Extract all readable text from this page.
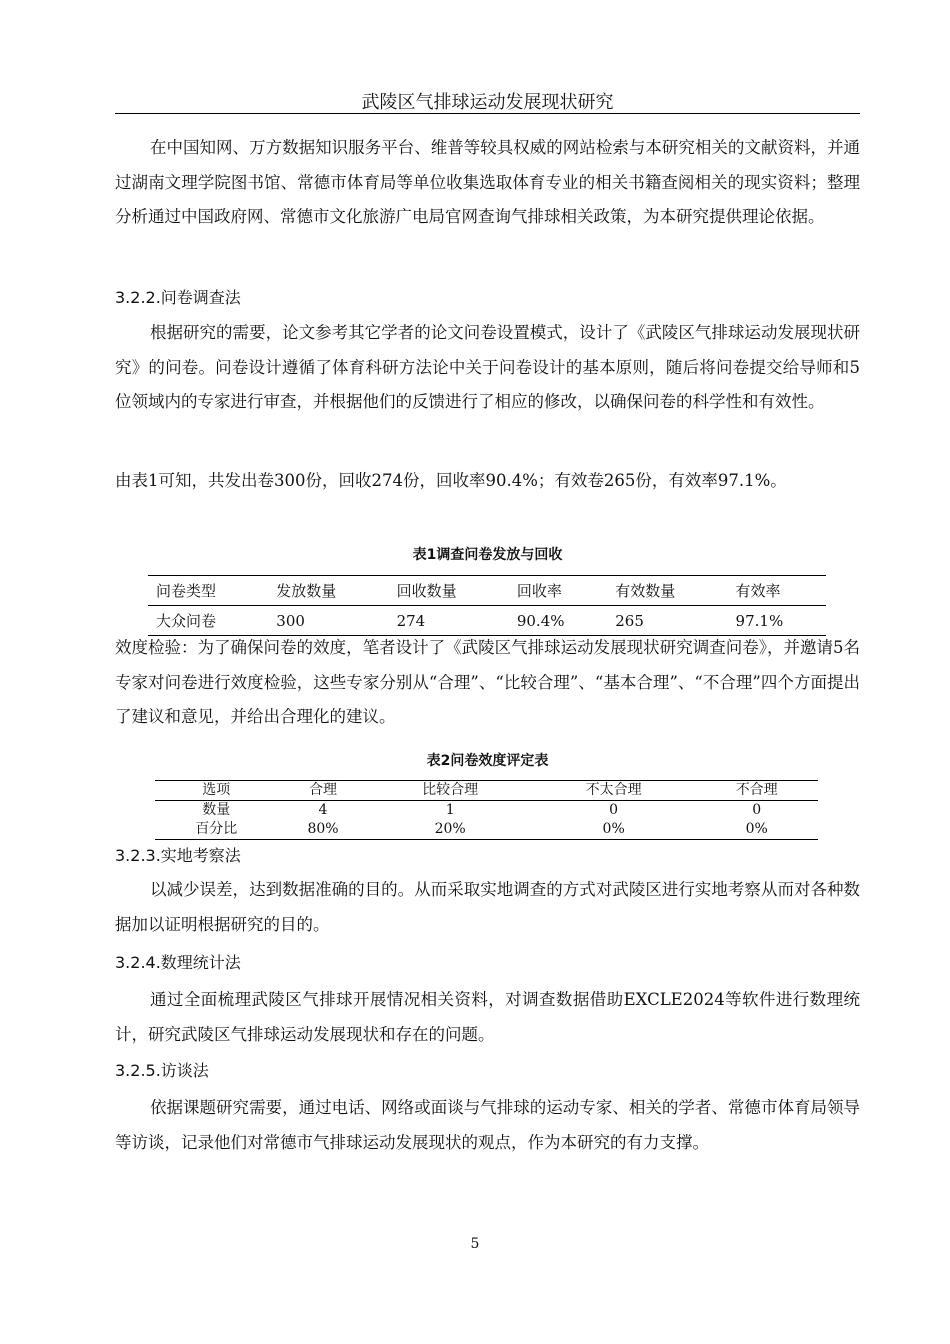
武陵区气排球运动发展现状研究

在中国知网、万方数据知识服务平台、维普等较具权威的网站检索与本研究相关的文献资料，并通过湖南文理学院图书馆、常德市体育局等单位收集选取体育专业的相关书籍查阅相关的现实资料；整理分析通过中国政府网、常德市文化旅游广电局官网查询气排球相关政策，为本研究提供理论依据。

3.2.2.问卷调查法

根据研究的需要，论文参考其它学者的论文问卷设置模式，设计了《武陵区气排球运动发展现状研究》的问卷。问卷设计遵循了体育科研方法论中关于问卷设计的基本原则，随后将问卷提交给导师和5位领域内的专家进行审查，并根据他们的反馈进行了相应的修改，以确保问卷的科学性和有效性。

由表1可知，共发出卷300份，回收274份，回收率90.4%；有效卷265份，有效率97.1%。

表1调查问卷发放与回收
问卷类型	发放数量	回收数量	回收率	有效数量	有效率
大众问卷	300	274	90.4%	265	97.1%

效度检验：为了确保问卷的效度，笔者设计了《武陵区气排球运动发展现状研究调查问卷》，并邀请5名专家对问卷进行效度检验，这些专家分别从“合理”、“比较合理”、“基本合理”、“不合理”四个方面提出了建议和意见，并给出合理化的建议。

表2问卷效度评定表
选项	合理	比较合理	不太合理	不合理
数量	4	1	0	0
百分比	80%	20%	0%	0%

3.2.3.实地考察法

以减少误差，达到数据准确的目的。从而采取实地调查的方式对武陵区进行实地考察从而对各种数据加以证明根据研究的目的。

3.2.4.数理统计法

通过全面梳理武陵区气排球开展情况相关资料，对调查数据借助EXCLE2024等软件进行数理统计，研究武陵区气排球运动发展现状和存在的问题。

3.2.5.访谈法

依据课题研究需要，通过电话、网络或面谈与气排球的运动专家、相关的学者、常德市体育局领导等访谈，记录他们对常德市气排球运动发展现状的观点，作为本研究的有力支撑。

5
